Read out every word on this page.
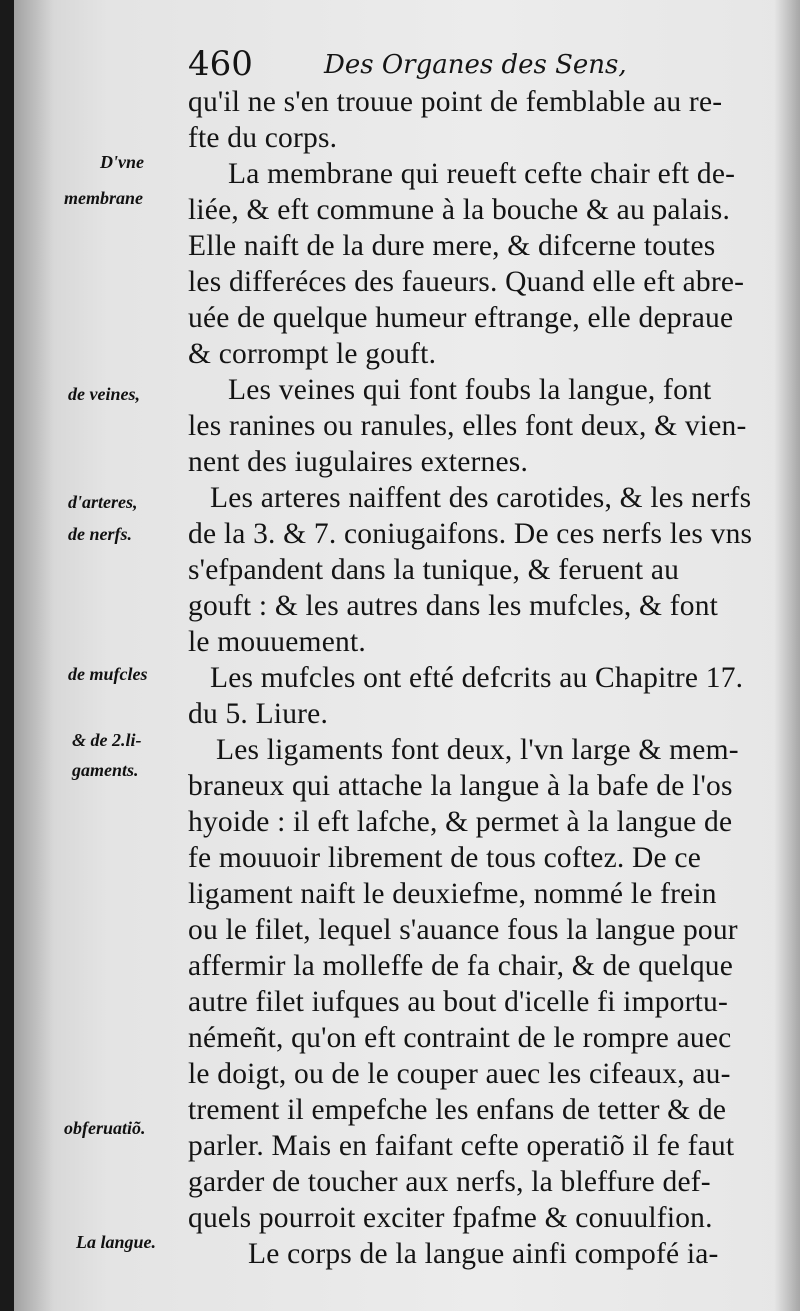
460	Des Organes des Sens,
D'vne
membrane
de veines,
d'arteres,
de nerfs.
de mufcles
& de 2.li-
gaments.
obferuatiõ.
La langue.
qu'il ne s'en trouue point de femblable au re-
fte du corps.
La membrane qui reueft cefte chair eft de-
liée, & eft commune à la bouche & au palais.
Elle naift de la dure mere, & difcerne toutes
les differéces des faueurs. Quand elle eft abre-
uée de quelque humeur eftrange, elle depraue
& corrompt le gouft.
Les veines qui font foubs la langue, font
les ranines ou ranules, elles font deux, & vien-
nent des iugulaires externes.
Les arteres naiffent des carotides, & les nerfs
de la 3. & 7. coniugaifons. De ces nerfs les vns
s'efpandent dans la tunique, & feruent au
gouft : & les autres dans les mufcles, & font
le mouuement.
Les mufcles ont efté defcrits au Chapitre 17.
du 5. Liure.
Les ligaments font deux, l'vn large & mem-
braneux qui attache la langue à la bafe de l'os
hyoide : il eft lafche, & permet à la langue de
fe mouuoir librement de tous coftez. De ce
ligament naift le deuxiefme, nommé le frein
ou le filet, lequel s'auance fous la langue pour
affermir la molleffe de fa chair, & de quelque
autre filet iufques au bout d'icelle fi importu-
némeñt, qu'on eft contraint de le rompre auec
le doigt, ou de le couper auec les cifeaux, au-
trement il empefche les enfans de tetter & de
parler. Mais en faifant cefte operatiõ il fe faut
garder de toucher aux nerfs, la bleffure def-
quels pourroit exciter fpafme & conuulfion.
Le corps de la langue ainfi compofé ia-
